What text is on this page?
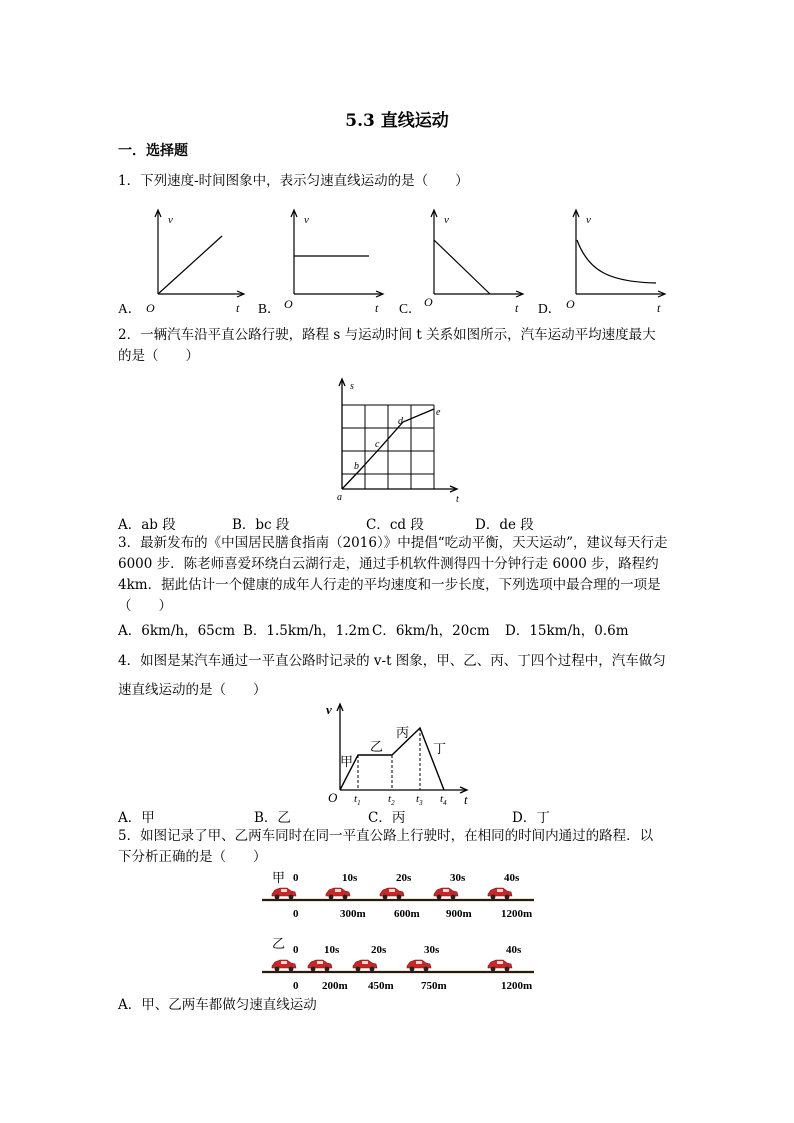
5.3 直线运动
一．选择题
1．下列速度-时间图象中，表示匀速直线运动的是（　　）
A．	B．	C．	D．
v
t
O
v
t
O
v
t
O
v
t
O
2．一辆汽车沿平直公路行驶，路程 s 与运动时间 t 关系如图所示，汽车运动平均速度最大
的是（　　）
s
t
a
b
c
d
e
A．ab 段	B．bc 段	C．cd 段	D．de 段
3．最新发布的《中国居民膳食指南（2016）》中提倡“吃动平衡，天天运动”，建议每天行走
6000 步．陈老师喜爱环绕白云湖行走，通过手机软件测得四十分钟行走 6000 步，路程约
4km．据此估计一个健康的成年人行走的平均速度和一步长度，下列选项中最合理的一项是
（　　）
A．6km/h，65cm B．1.5km/h，1.2m C．6km/h，20cm D．15km/h，0.6m
4．如图是某汽车通过一平直公路时记录的 v-t 图象，甲、乙、丙、丁四个过程中，汽车做匀
速直线运动的是（　　）
v
t
O
甲
乙
丙
丁
$t_1$ $t_2$ $t_3$ $t_4$
A．甲	B．乙	C．丙	D．丁
5．如图记录了甲、乙两车同时在同一平直公路上行驶时，在相同的时间内通过的路程．以
下分析正确的是（　　）
甲 0	10s	20s	30s	40s
0	300m	600m 900m	1200m
乙 0 10s	20s	30s	40s
0 200m 450m 750m	1200m
A．甲、乙两车都做匀速直线运动
